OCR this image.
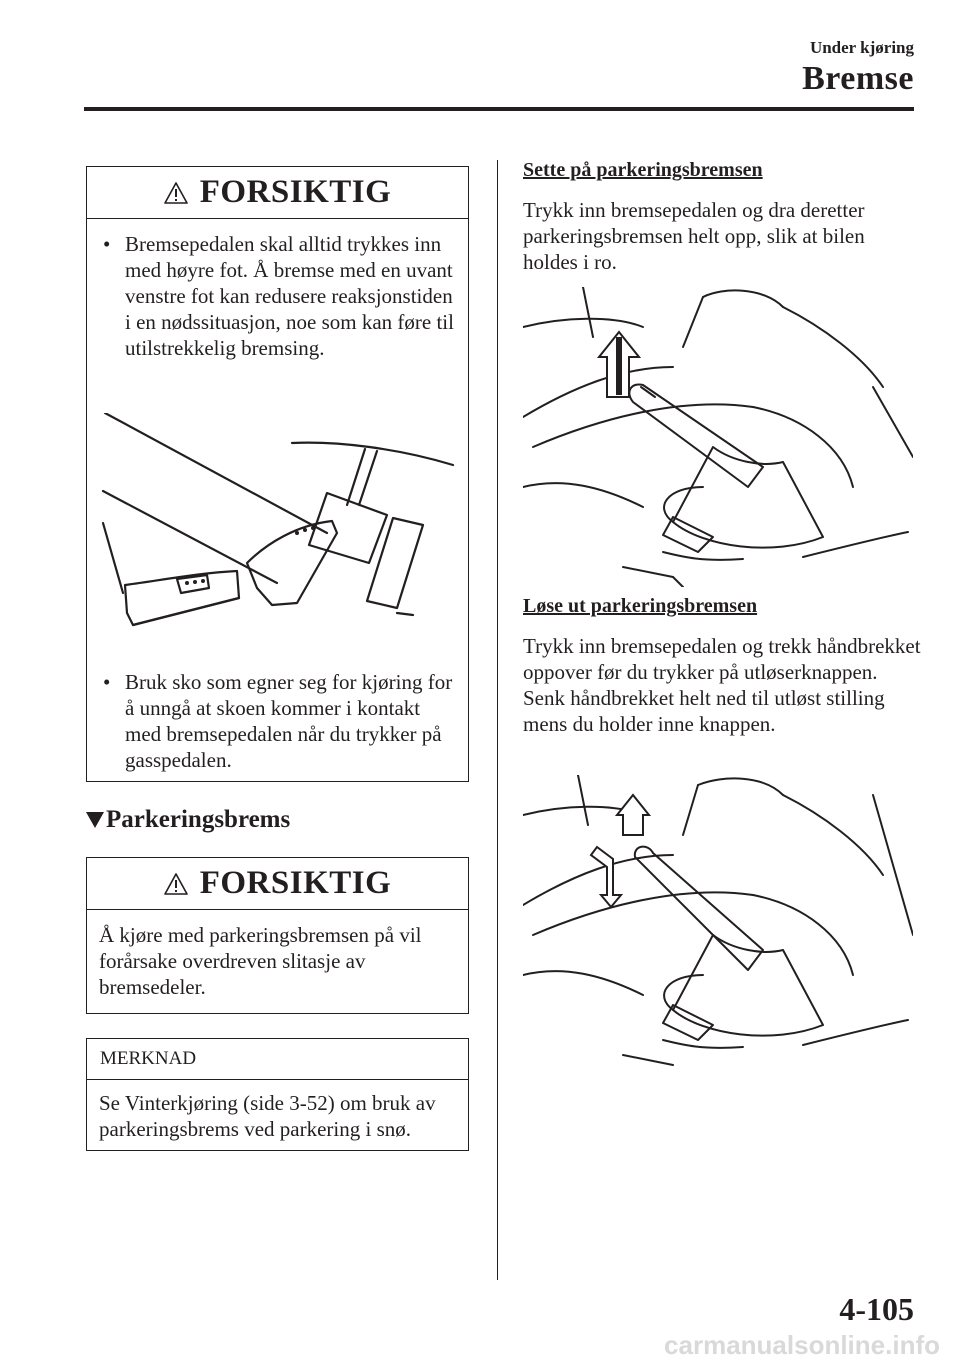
Under kjøring
Bremse
FORSIKTIG
• Bremsepedalen skal alltid trykkes inn med høyre fot. Å bremse med en uvant venstre fot kan redusere reaksjonstiden i en nødssituasjon, noe som kan føre til utilstrekkelig bremsing.
• Bruk sko som egner seg for kjøring for å unngå at skoen kommer i kontakt med bremsepedalen når du trykker på gasspedalen.
Parkeringsbrems
FORSIKTIG
Å kjøre med parkeringsbremsen på vil forårsake overdreven slitasje av bremsedeler.
MERKNAD
Se Vinterkjøring (side 3-52) om bruk av parkeringsbrems ved parkering i snø.
Sette på parkeringsbremsen
Trykk inn bremsepedalen og dra deretter parkeringsbremsen helt opp, slik at bilen holdes i ro.
Løse ut parkeringsbremsen
Trykk inn bremsepedalen og trekk håndbrekket oppover før du trykker på utløserknappen. Senk håndbrekket helt ned til utløst stilling mens du holder inne knappen.
4-105
carmanualsonline.info
